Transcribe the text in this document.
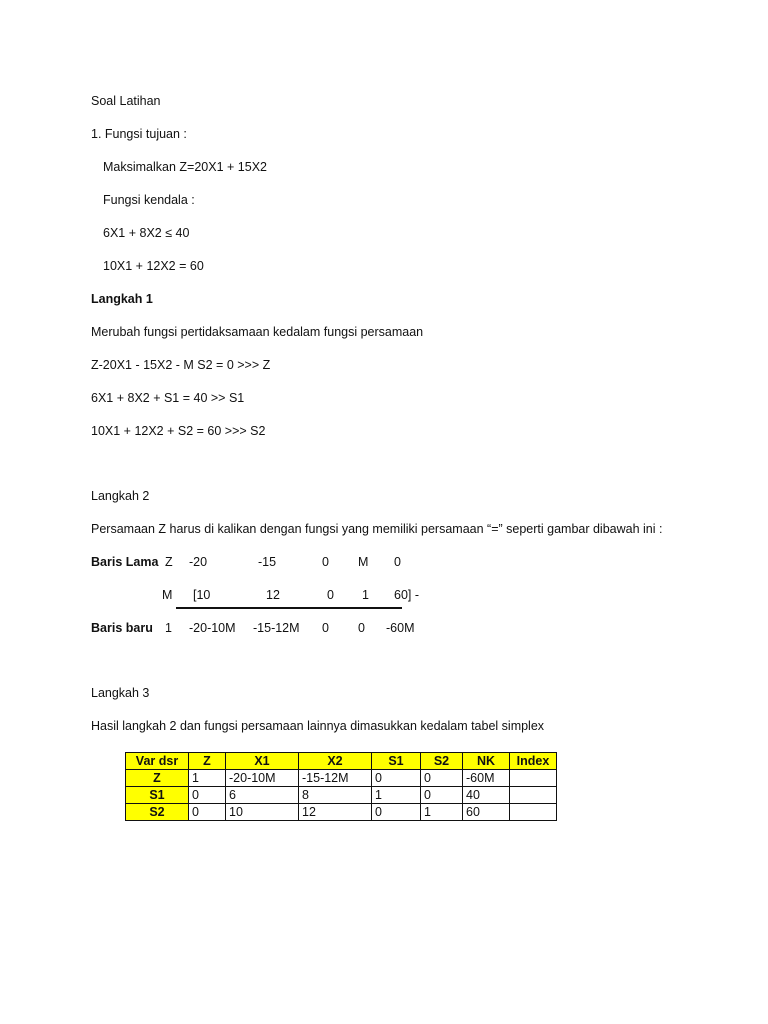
Soal Latihan
1. Fungsi tujuan :
Maksimalkan Z=20X1 + 15X2
Fungsi kendala :
6X1 + 8X2 ≤ 40
10X1 + 12X2 = 60
Langkah 1
Merubah fungsi pertidaksamaan kedalam fungsi persamaan
Z-20X1 - 15X2 - M S2 = 0 >>> Z
6X1 + 8X2 + S1 = 40 >> S1
10X1 + 12X2 + S2 = 60 >>> S2
Langkah 2
Persamaan Z harus di kalikan dengan fungsi yang memiliki persamaan “=” seperti gambar dibawah ini :
Baris Lama Z -20	-15	0 M 0
M [10	12	0 1 60] -
Baris baru 1 -20-10M -15-12M 0 0 -60M
Langkah 3
Hasil langkah 2 dan fungsi persamaan lainnya dimasukkan kedalam tabel simplex
Var dsr	Z	X1	X2	S1	S2	NK	Index
Z	1	-20-10M	-15-12M	0	0	-60M	
S1	0	6	8	1	0	40	
S2	0	10	12	0	1	60	
